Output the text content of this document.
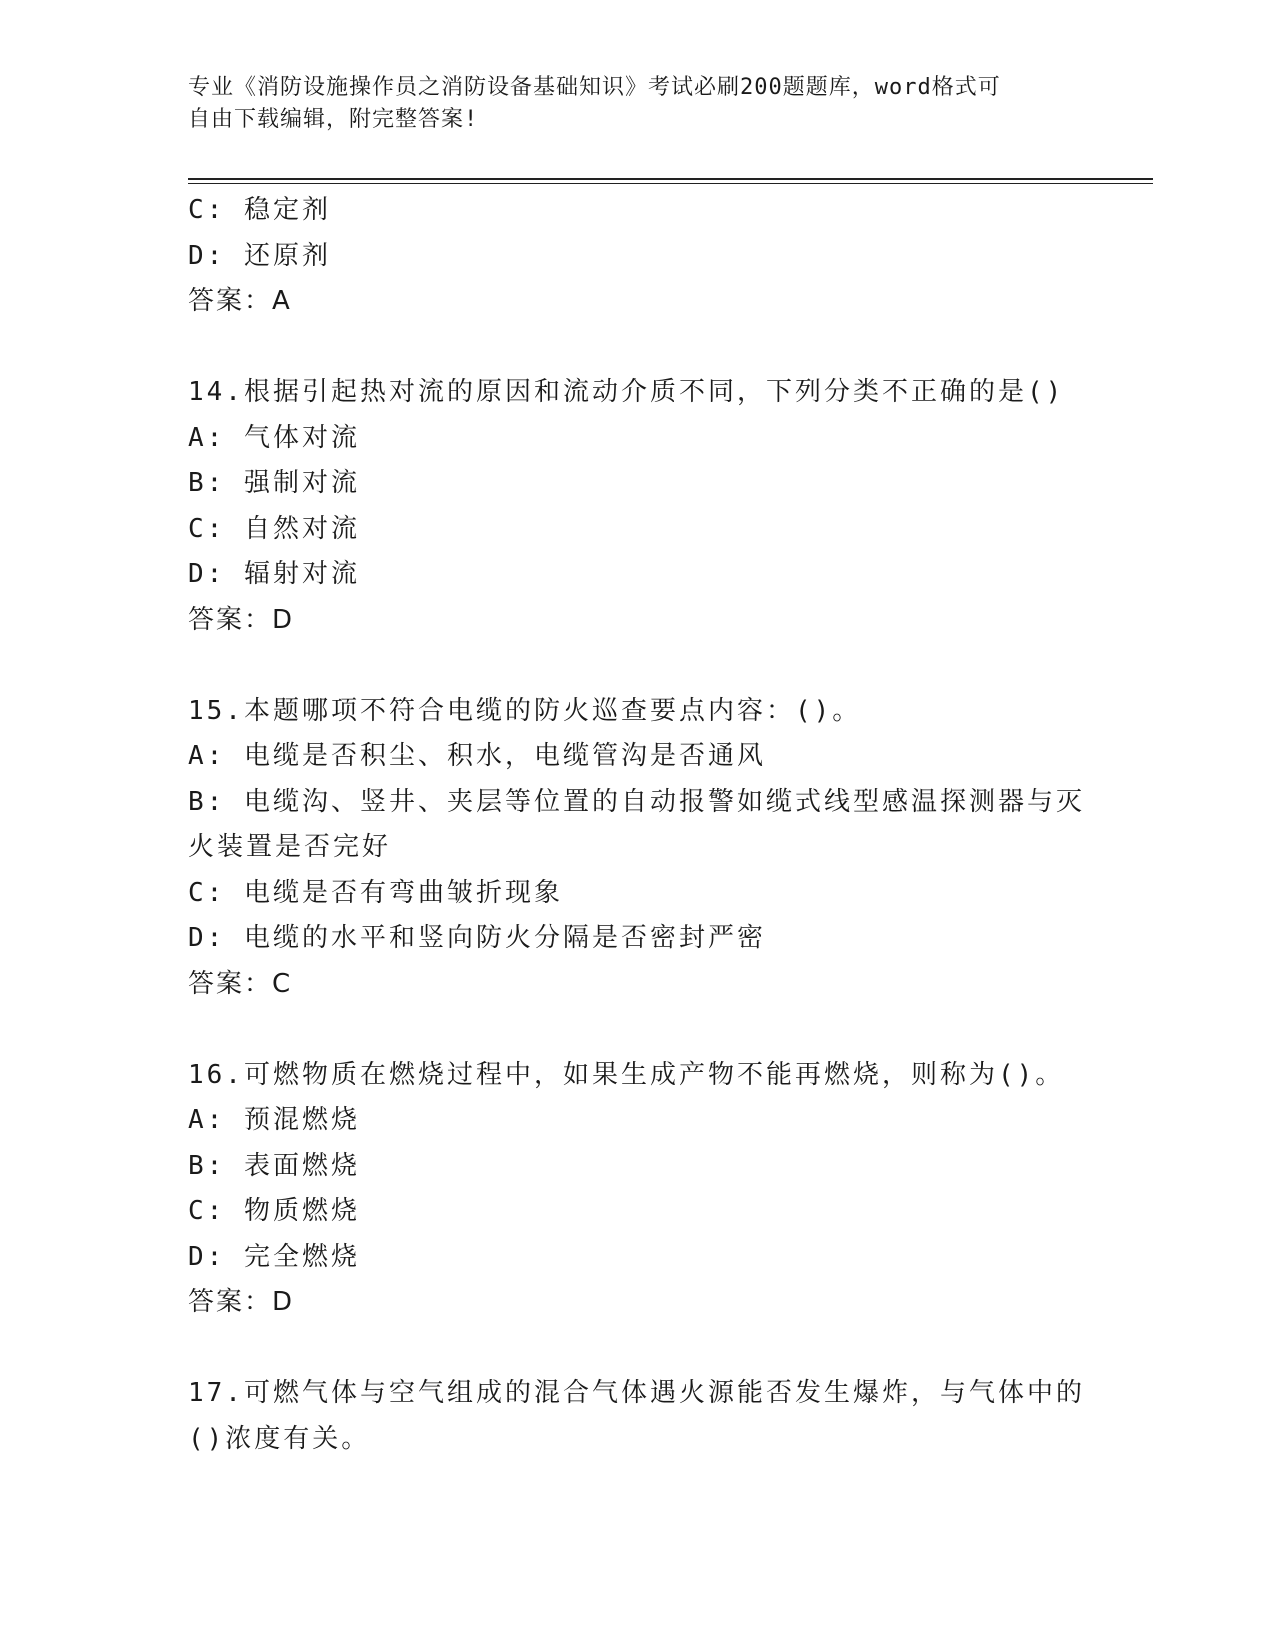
专业《消防设施操作员之消防设备基础知识》考试必刷200题题库，word格式可
自由下载编辑，附完整答案!
C: 稳定剂
D: 还原剂
答案：A
14.根据引起热对流的原因和流动介质不同，下列分类不正确的是()
A: 气体对流
B: 强制对流
C: 自然对流
D: 辐射对流
答案：D
15.本题哪项不符合电缆的防火巡查要点内容：()。
A: 电缆是否积尘、积水，电缆管沟是否通风
B: 电缆沟、竖井、夹层等位置的自动报警如缆式线型感温探测器与灭
火装置是否完好
C: 电缆是否有弯曲皱折现象
D: 电缆的水平和竖向防火分隔是否密封严密
答案：C
16.可燃物质在燃烧过程中，如果生成产物不能再燃烧，则称为()。
A: 预混燃烧
B: 表面燃烧
C: 物质燃烧
D: 完全燃烧
答案：D
17.可燃气体与空气组成的混合气体遇火源能否发生爆炸，与气体中的
()浓度有关。
